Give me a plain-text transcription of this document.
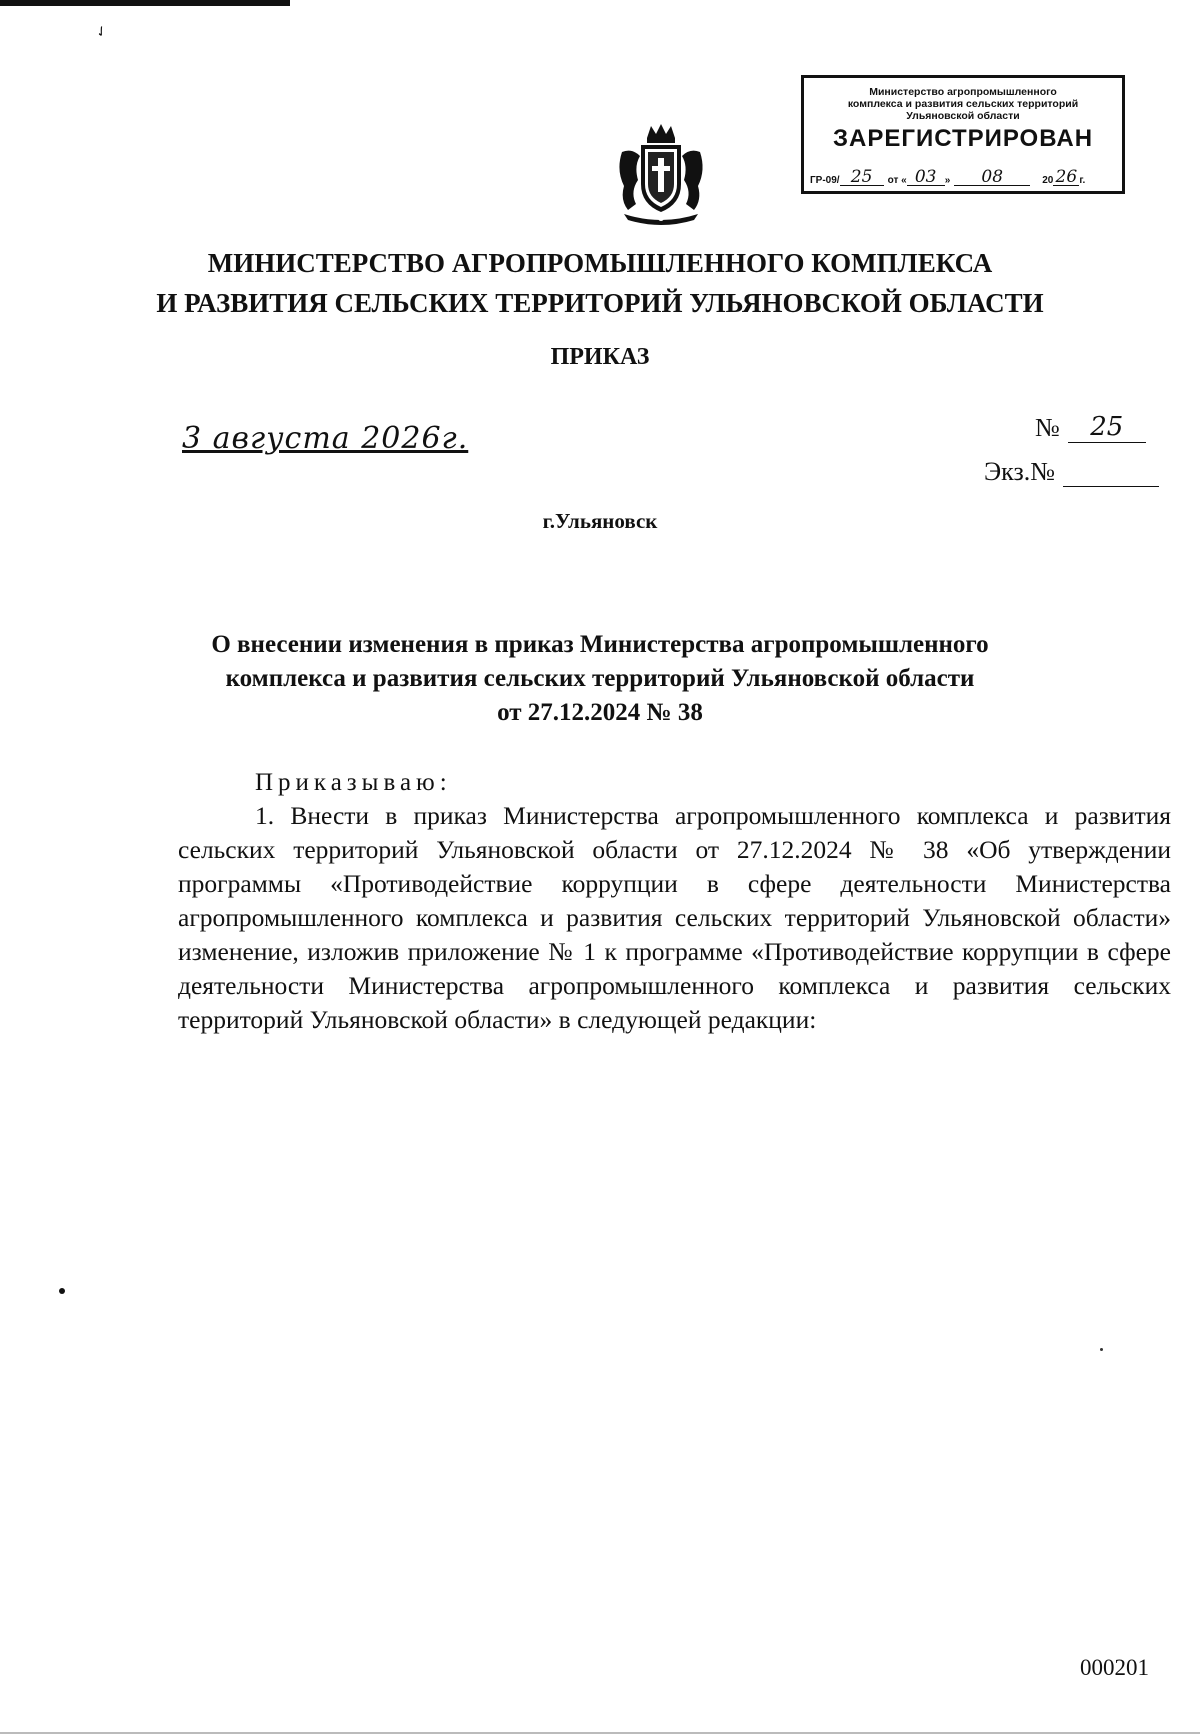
✓
Министерство агропромышленного
комплекса и развития сельских территорий
Ульяновской области
ЗАРЕГИСТРИРОВАН
ГР-09/ 25	от « 03 »	08	20 26 г.
МИНИСТЕРСТВО АГРОПРОМЫШЛЕННОГО КОМПЛЕКСА
И РАЗВИТИЯ СЕЛЬСКИХ ТЕРРИТОРИЙ УЛЬЯНОВСКОЙ ОБЛАСТИ
ПРИКАЗ
3 августа 2026г.	№	25
Экз.№
г.Ульяновск
О внесении изменения в приказ Министерства агропромышленного
комплекса и развития сельских территорий Ульяновской области
от 27.12.2024 № 38
Приказываю:
1. Внести в приказ Министерства агропромышленного комплекса и развития сельских территорий Ульяновской области от 27.12.2024 № 38 «Об утверждении программы «Противодействие коррупции в сфере деятельности Министерства агропромышленного комплекса и развития сельских территорий Ульяновской области» изменение, изложив приложение № 1 к программе «Противодействие коррупции в сфере деятельности Министерства агропромышленного комплекса и развития сельских территорий Ульяновской области» в следующей редакции:
000201
